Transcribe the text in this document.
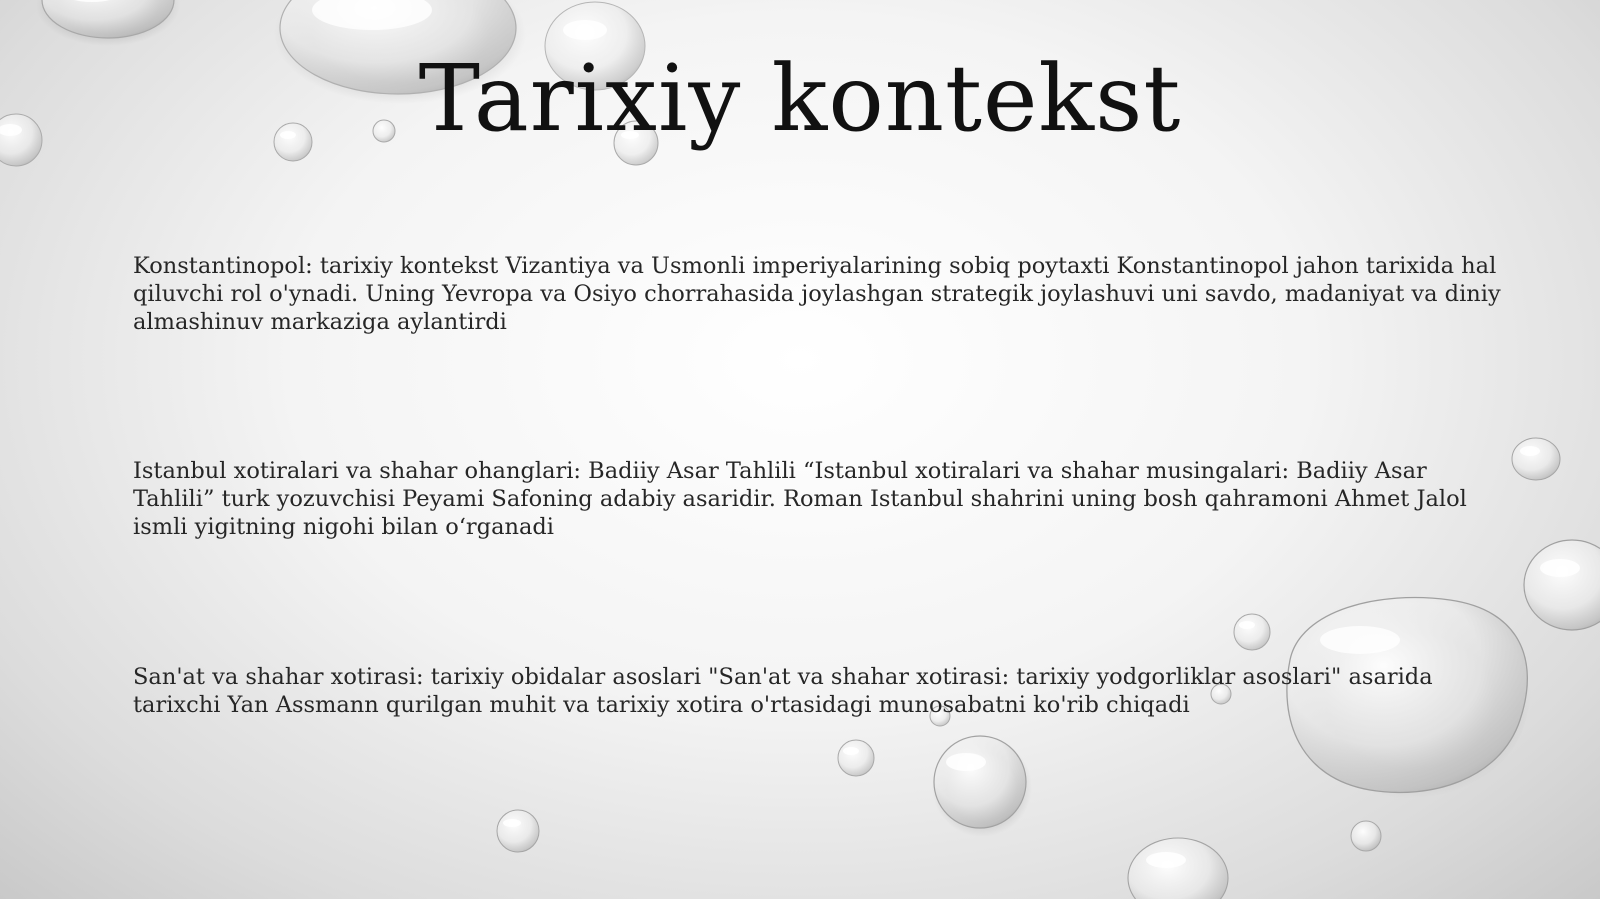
Tarixiy kontekst

Konstantinopol: tarixiy kontekst Vizantiya va Usmonli imperiyalarining sobiq poytaxti Konstantinopol jahon tarixida hal qiluvchi rol o'ynadi. Uning Yevropa va Osiyo chorrahasida joylashgan strategik joylashuvi uni savdo, madaniyat va diniy almashinuv markaziga aylantirdi

Istanbul xotiralari va shahar ohanglari: Badiiy Asar Tahlili “Istanbul xotiralari va shahar musingalari: Badiiy Asar Tahlili” turk yozuvchisi Peyami Safoning adabiy asaridir. Roman Istanbul shahrini uning bosh qahramoni Ahmet Jalol ismli yigitning nigohi bilan o‘rganadi

San'at va shahar xotirasi: tarixiy obidalar asoslari "San'at va shahar xotirasi: tarixiy yodgorliklar asoslari" asarida tarixchi Yan Assmann qurilgan muhit va tarixiy xotira o'rtasidagi munosabatni ko'rib chiqadi
